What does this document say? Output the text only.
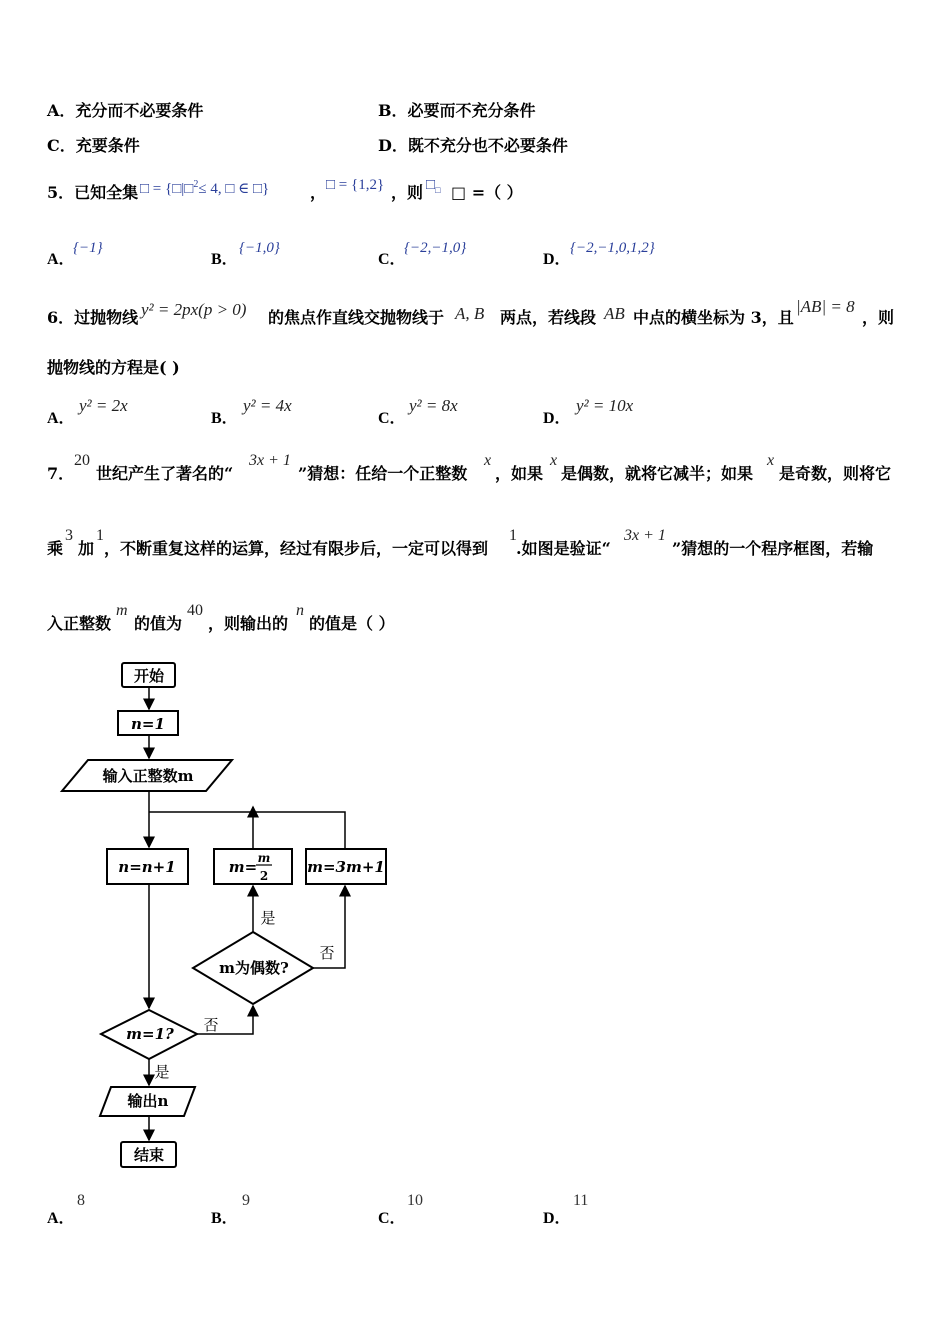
A．充分而不必要条件	B．必要而不充分条件
C．充要条件	D．既不充分也不必要条件
5．已知全集 □ = {□|□$^2$≤ 4, □ ∈ □}	， □ = {1,2} ，则 $□_□$ □ =（ ）
A．
{−1}
B．
{−1,0}
C．
{−2,−1,0}
D．
{−2,−1,0,1,2}
6．过抛物线 y² = 2px(p > 0) 的焦点作直线交抛物线于 A, B 两点，若线段 AB 中点的横坐标为 3，且
|AB| = 8
，则
抛物线的方程是( )
A．
y² = 2x
B．
y² = 4x
C．
y² = 8x
D．
y² = 10x
7．
20
世纪产生了著名的“
3x + 1
”猜想：任给一个正整数
x
，如果
x
是偶数，就将它减半；如果
x
是奇数，则将它
乘
3
加
1
，不断重复这样的运算，经过有限步后，一定可以得到
1
.如图是验证“
3x + 1
”猜想的一个程序框图，若输
入正整数
m
的值为
40
，则输出的
n
的值是（ ）
开始
n=1
输入正整数m
n=n+1	m= m
2	m=3m+1
m为偶数?
是
否
m=1? 否
是
输出n
结束
A．
8
B．
9
C．
10
D．
11
